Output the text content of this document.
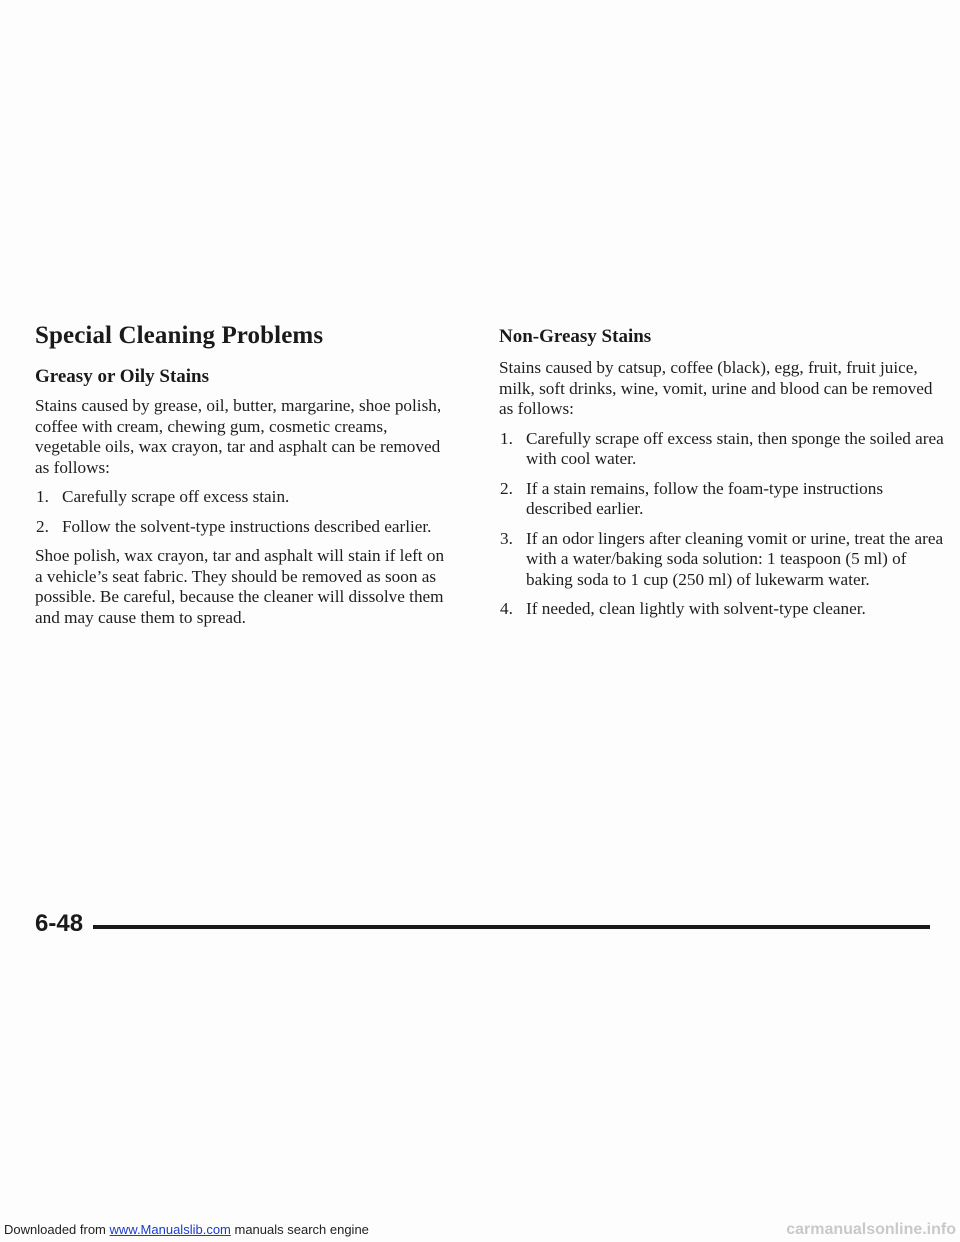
Special Cleaning Problems
Greasy or Oily Stains

Stains caused by grease, oil, butter, margarine, shoe polish, coffee with cream, chewing gum, cosmetic creams, vegetable oils, wax crayon, tar and asphalt can be removed as follows:

1. Carefully scrape off excess stain.
2. Follow the solvent-type instructions described earlier.

Shoe polish, wax crayon, tar and asphalt will stain if left on a vehicle’s seat fabric. They should be removed as soon as possible. Be careful, because the cleaner will dissolve them and may cause them to spread.

Non-Greasy Stains

Stains caused by catsup, coffee (black), egg, fruit, fruit juice, milk, soft drinks, wine, vomit, urine and blood can be removed as follows:

1. Carefully scrape off excess stain, then sponge the soiled area with cool water.
2. If a stain remains, follow the foam-type instructions described earlier.
3. If an odor lingers after cleaning vomit or urine, treat the area with a water/baking soda solution: 1 teaspoon (5 ml) of baking soda to 1 cup (250 ml) of lukewarm water.
4. If needed, clean lightly with solvent-type cleaner.
6-48
Downloaded from www.Manualslib.com manuals search engine	carmanualsonline.info
